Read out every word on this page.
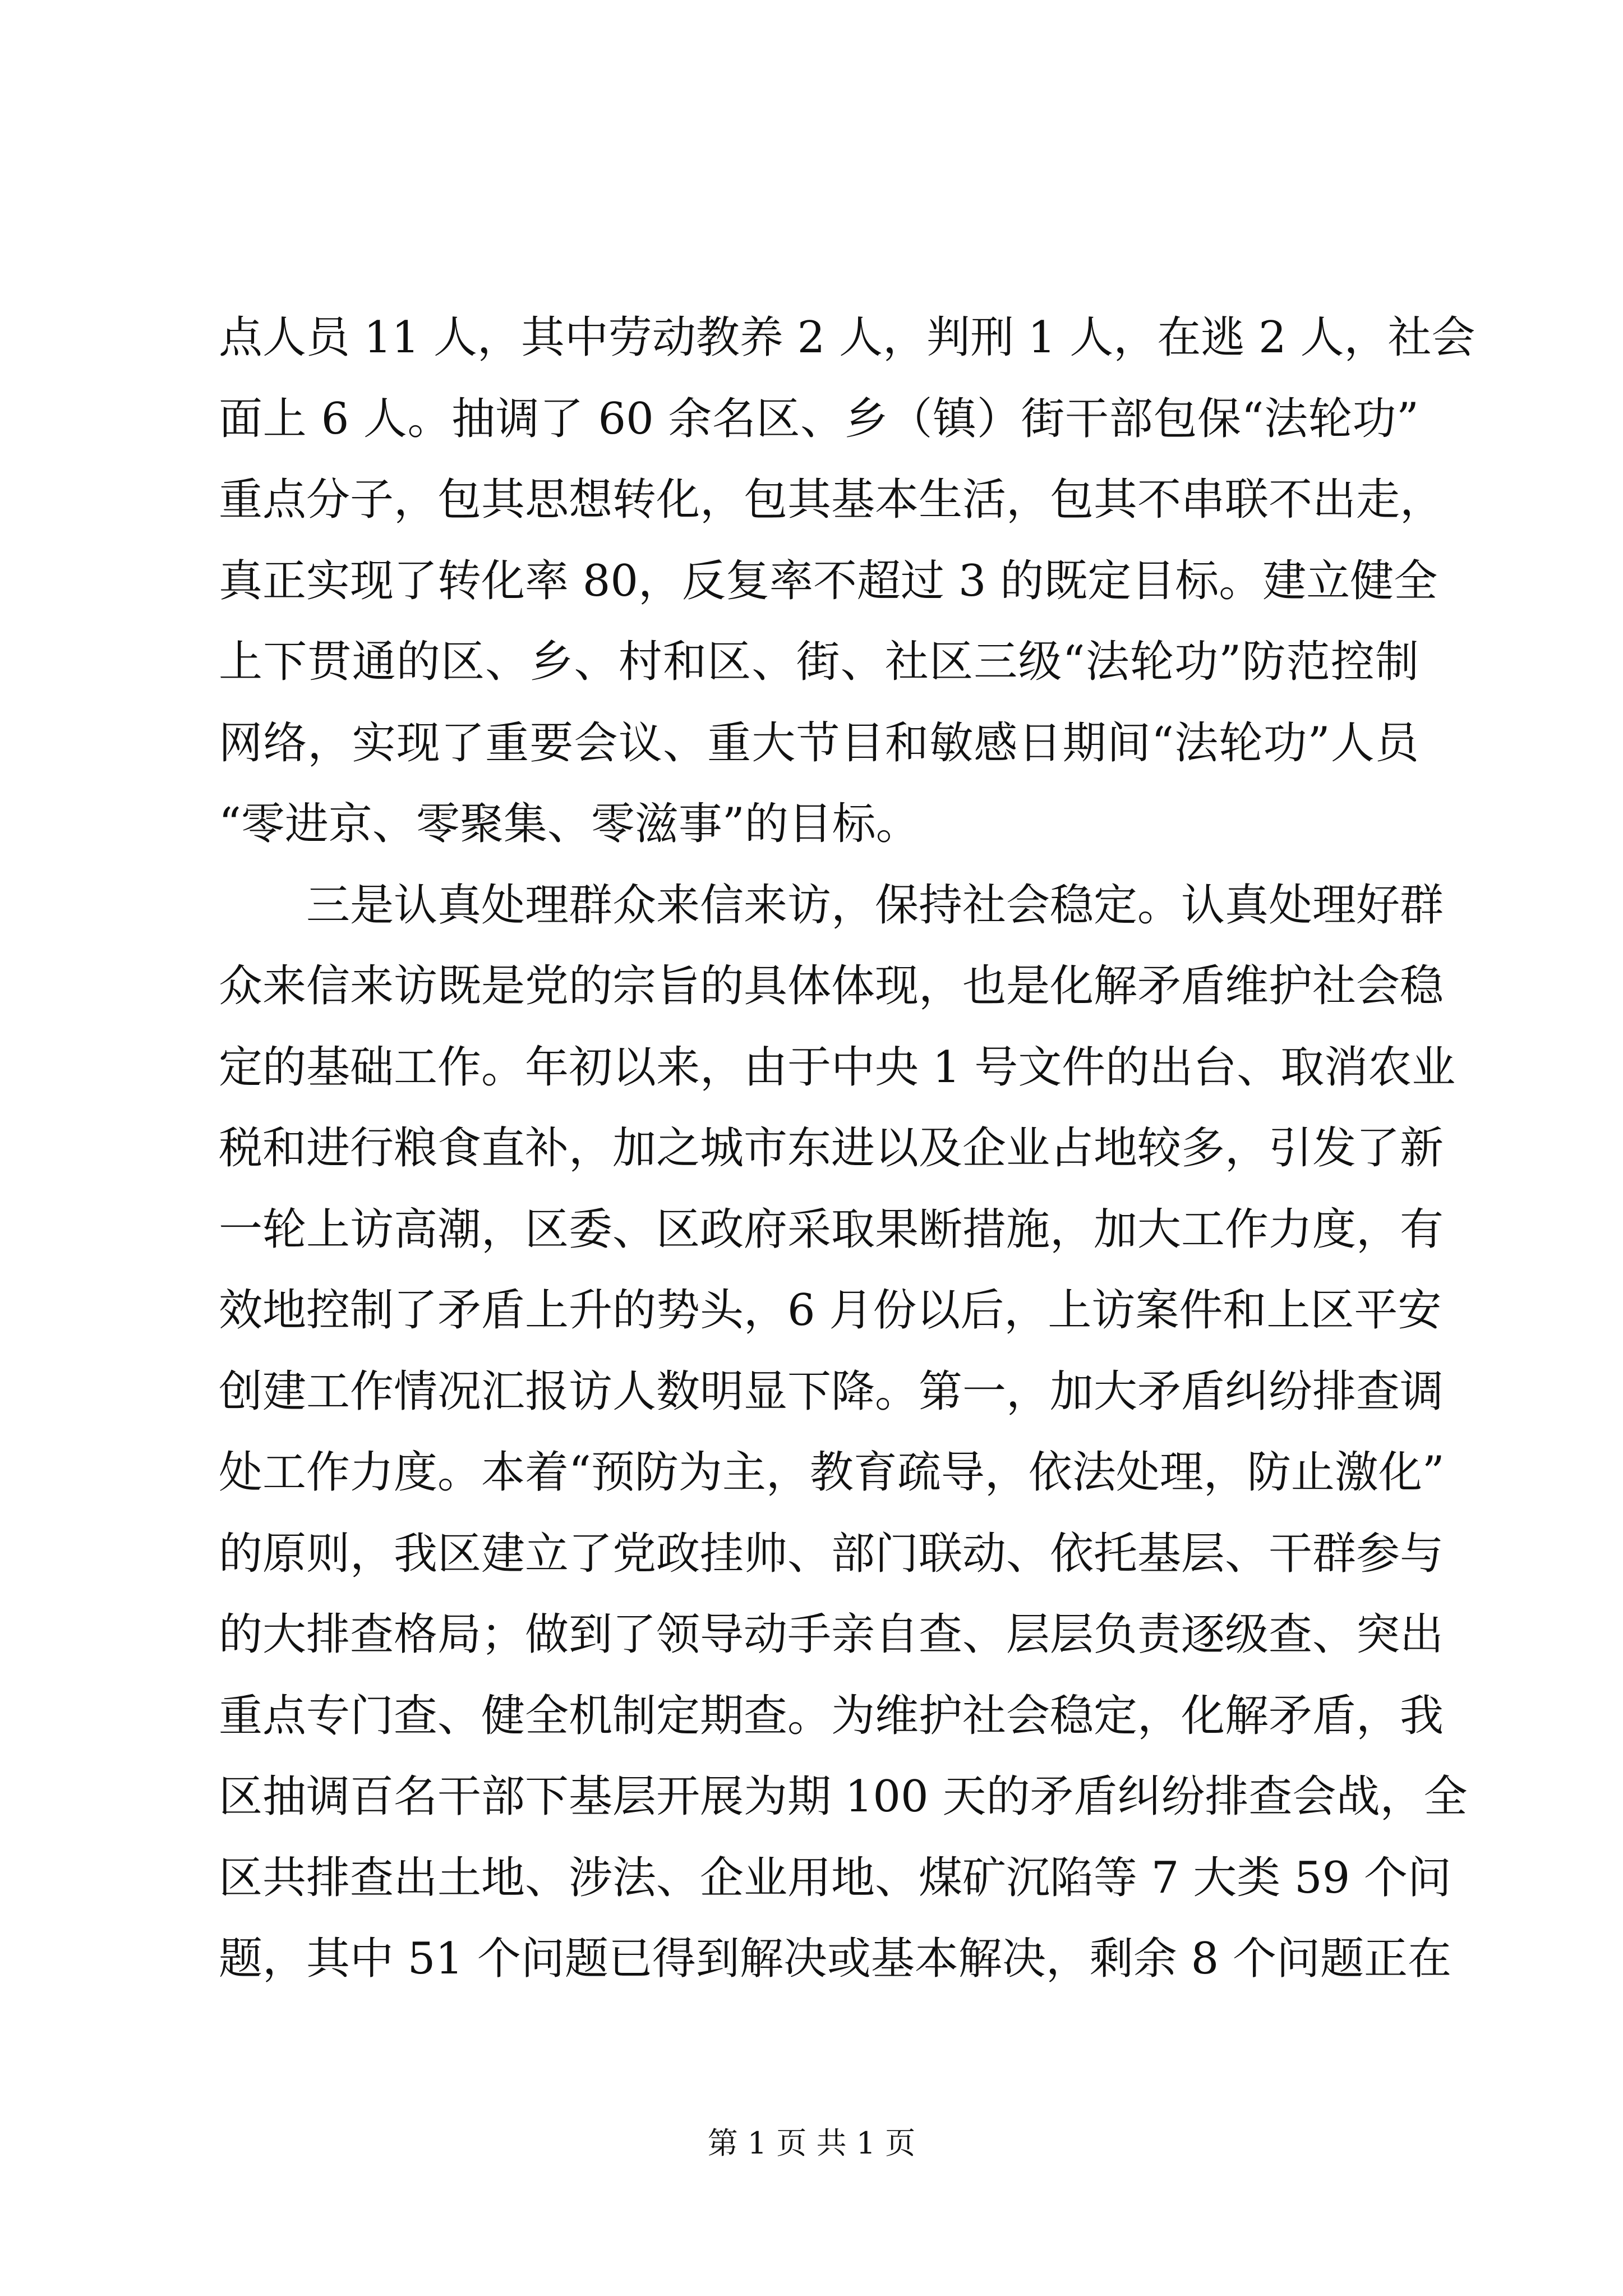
点人员 11 人，其中劳动教养 2 人，判刑 1 人，在逃 2 人，社会
面上 6 人。抽调了 60 余名区、乡（镇）街干部包保“法轮功”
重点分子，包其思想转化，包其基本生活，包其不串联不出走，
真正实现了转化率 80，反复率不超过 3 的既定目标。建立健全
上下贯通的区、乡、村和区、街、社区三级“法轮功”防范控制
网络，实现了重要会议、重大节目和敏感日期间“法轮功”人员
“零进京、零聚集、零滋事”的目标。
三是认真处理群众来信来访，保持社会稳定。认真处理好群
众来信来访既是党的宗旨的具体体现，也是化解矛盾维护社会稳
定的基础工作。年初以来，由于中央 1 号文件的出台、取消农业
税和进行粮食直补，加之城市东进以及企业占地较多，引发了新
一轮上访高潮，区委、区政府采取果断措施，加大工作力度，有
效地控制了矛盾上升的势头，6 月份以后，上访案件和上区平安
创建工作情况汇报访人数明显下降。第一，加大矛盾纠纷排查调
处工作力度。本着“预防为主，教育疏导，依法处理，防止激化”
的原则，我区建立了党政挂帅、部门联动、依托基层、干群参与
的大排查格局；做到了领导动手亲自查、层层负责逐级查、突出
重点专门查、健全机制定期查。为维护社会稳定，化解矛盾，我
区抽调百名干部下基层开展为期 100 天的矛盾纠纷排查会战，全
区共排查出土地、涉法、企业用地、煤矿沉陷等 7 大类 59 个问
题，其中 51 个问题已得到解决或基本解决，剩余 8 个问题正在
第 1 页 共 1 页
